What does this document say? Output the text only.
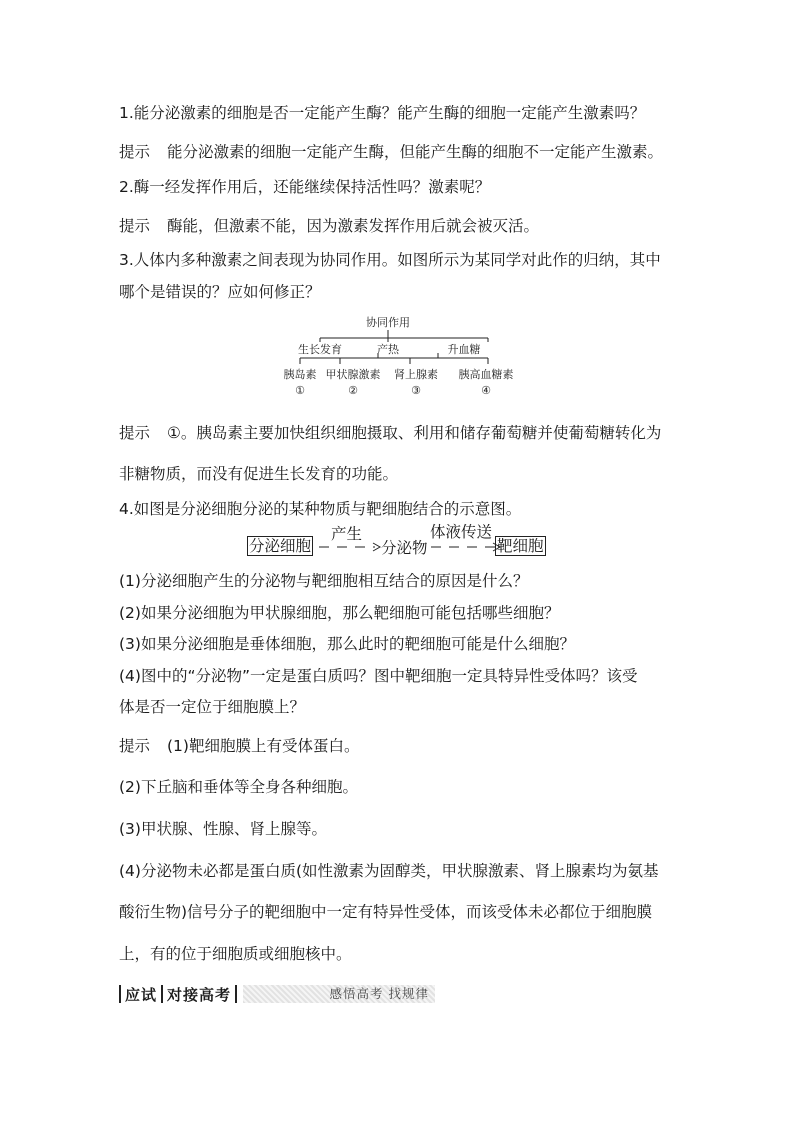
1.能分泌激素的细胞是否一定能产生酶？能产生酶的细胞一定能产生激素吗？
提示 能分泌激素的细胞一定能产生酶，但能产生酶的细胞不一定能产生激素。
2.酶一经发挥作用后，还能继续保持活性吗？激素呢？
提示 酶能，但激素不能，因为激素发挥作用后就会被灭活。
3.人体内多种激素之间表现为协同作用。如图所示为某同学对此作的归纳，其中
哪个是错误的？应如何修正？
协同作用
生长发育	产热	升血糖
胰岛素 甲状腺激素 肾上腺素 胰高血糖素
①	②	③	④
提示 ①。胰岛素主要加快组织细胞摄取、利用和储存葡萄糖并使葡萄糖转化为
非糖物质，而没有促进生长发育的功能。
4.如图是分泌细胞分泌的某种物质与靶细胞结合的示意图。
分泌细胞
产生
分泌物
体液传送
靶细胞
(1)分泌细胞产生的分泌物与靶细胞相互结合的原因是什么？
(2)如果分泌细胞为甲状腺细胞，那么靶细胞可能包括哪些细胞？
(3)如果分泌细胞是垂体细胞，那么此时的靶细胞可能是什么细胞？
(4)图中的“分泌物”一定是蛋白质吗？图中靶细胞一定具特异性受体吗？该受
体是否一定位于细胞膜上？
提示 (1)靶细胞膜上有受体蛋白。
(2)下丘脑和垂体等全身各种细胞。
(3)甲状腺、性腺、肾上腺等。
(4)分泌物未必都是蛋白质(如性激素为固醇类，甲状腺激素、肾上腺素均为氨基
酸衍生物)信号分子的靶细胞中一定有特异性受体，而该受体未必都位于细胞膜
上，有的位于细胞质或细胞核中。
应试 对接高考	感悟高考 找规律
